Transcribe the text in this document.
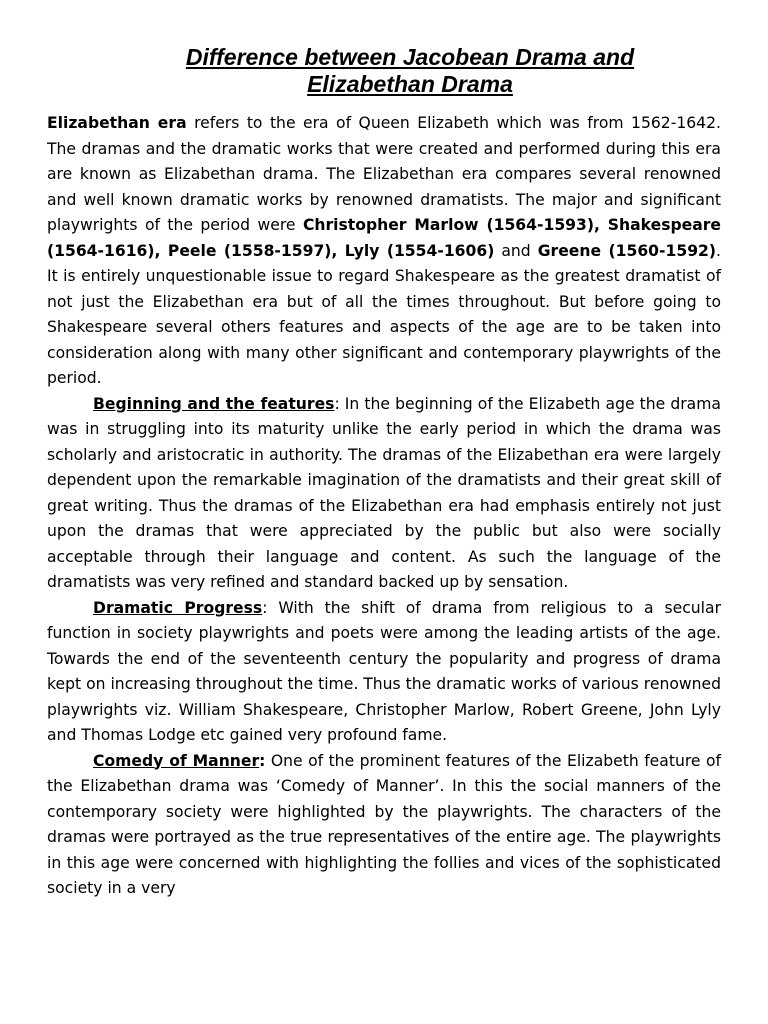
Difference between Jacobean Drama and
Elizabethan Drama

Elizabethan era refers to the era of Queen Elizabeth which was from 1562-1642. The dramas and the dramatic works that were created and performed during this era are known as Elizabethan drama. The Elizabethan era compares several renowned and well known dramatic works by renowned dramatists. The major and significant playwrights of the period were Christopher Marlow (1564-1593), Shakespeare (1564-1616), Peele (1558-1597), Lyly (1554-1606) and Greene (1560-1592). It is entirely unquestionable issue to regard Shakespeare as the greatest dramatist of not just the Elizabethan era but of all the times throughout. But before going to Shakespeare several others features and aspects of the age are to be taken into consideration along with many other significant and contemporary playwrights of the period.

Beginning and the features: In the beginning of the Elizabeth age the drama was in struggling into its maturity unlike the early period in which the drama was scholarly and aristocratic in authority. The dramas of the Elizabethan era were largely dependent upon the remarkable imagination of the dramatists and their great skill of great writing. Thus the dramas of the Elizabethan era had emphasis entirely not just upon the dramas that were appreciated by the public but also were socially acceptable through their language and content. As such the language of the dramatists was very refined and standard backed up by sensation.

Dramatic Progress: With the shift of drama from religious to a secular function in society playwrights and poets were among the leading artists of the age. Towards the end of the seventeenth century the popularity and progress of drama kept on increasing throughout the time. Thus the dramatic works of various renowned playwrights viz. William Shakespeare, Christopher Marlow, Robert Greene, John Lyly and Thomas Lodge etc gained very profound fame.

Comedy of Manner: One of the prominent features of the Elizabeth feature of the Elizabethan drama was ‘Comedy of Manner’. In this the social manners of the contemporary society were highlighted by the playwrights. The characters of the dramas were portrayed as the true representatives of the entire age. The playwrights in this age were concerned with highlighting the follies and vices of the sophisticated society in a very
